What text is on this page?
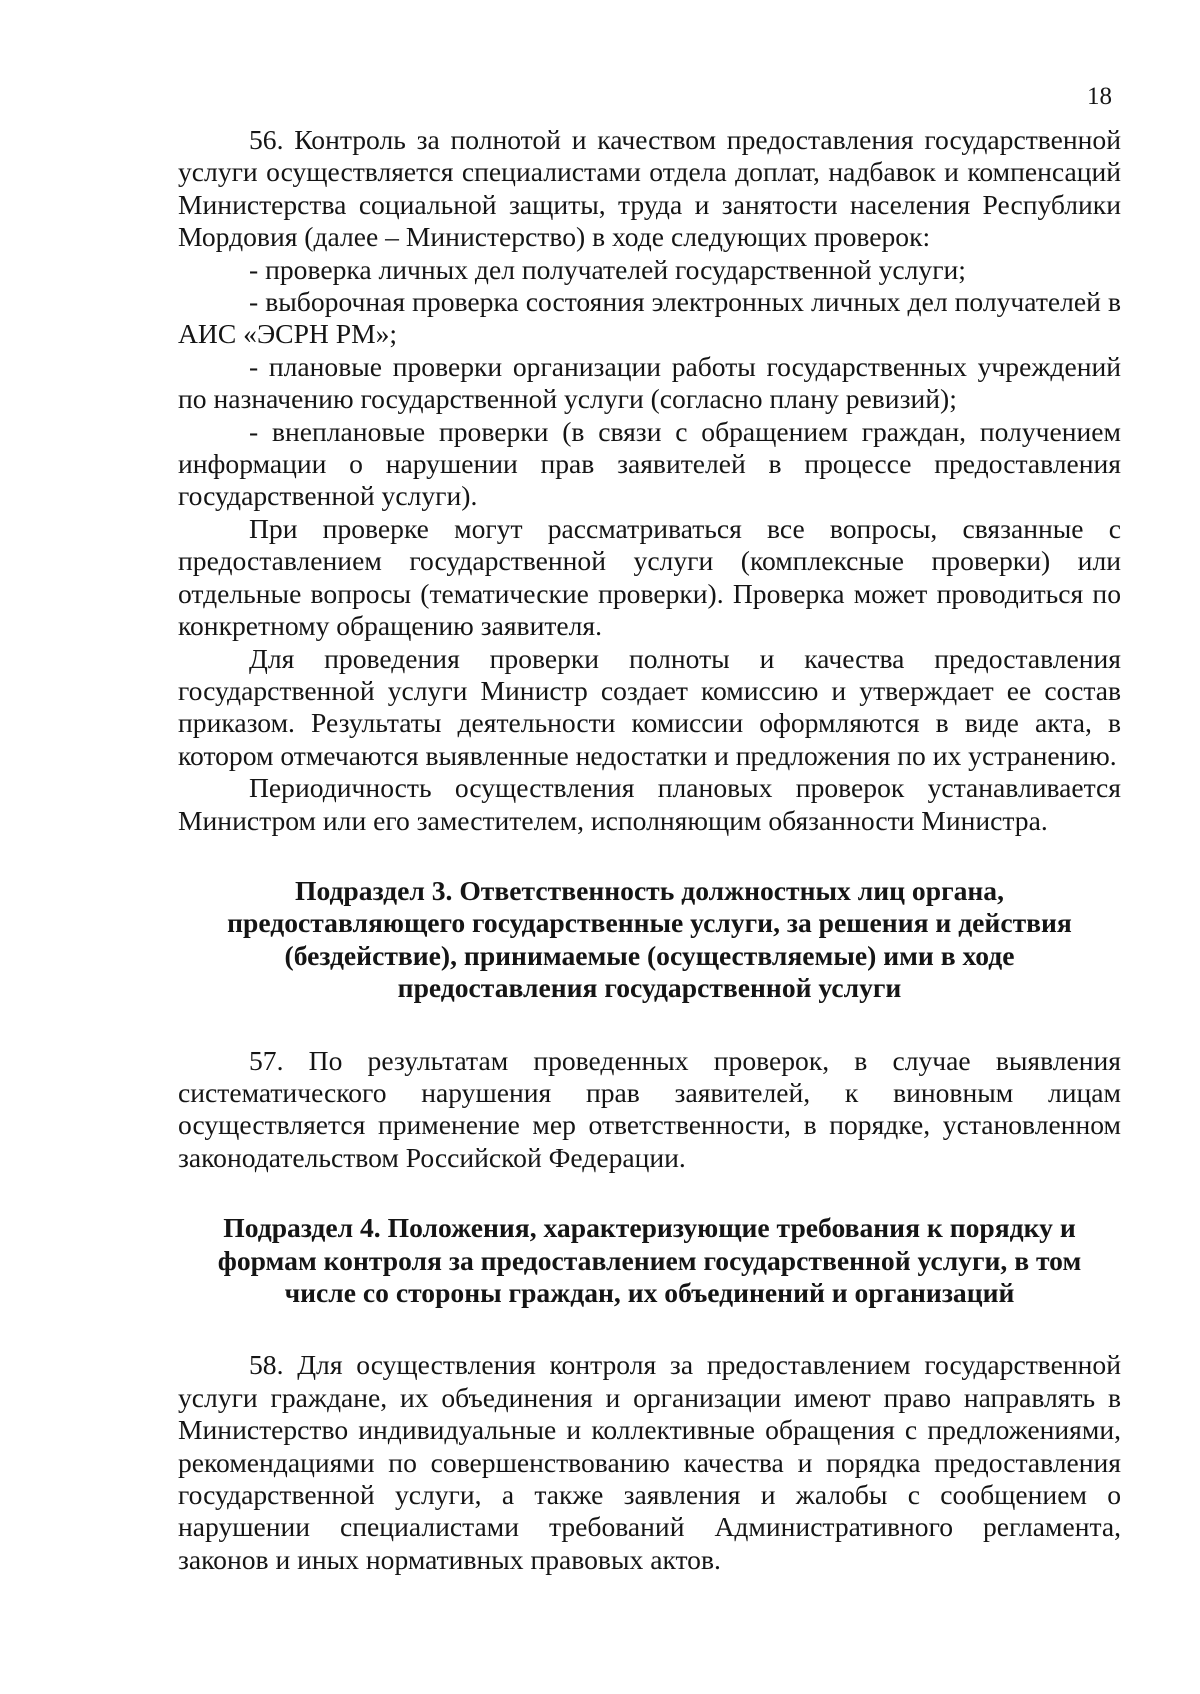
18

56. Контроль за полнотой и качеством предоставления государственной услуги осуществляется специалистами отдела доплат, надбавок и компенсаций Министерства социальной защиты, труда и занятости населения Республики Мордовия (далее – Министерство) в ходе следующих проверок:

- проверка личных дел получателей государственной услуги;

- выборочная проверка состояния электронных личных дел получателей в АИС «ЭСРН РМ»;

- плановые проверки организации работы государственных учреждений по назначению государственной услуги (согласно плану ревизий);

- внеплановые проверки (в связи с обращением граждан, получением информации о нарушении прав заявителей в процессе предоставления государственной услуги).

При проверке могут рассматриваться все вопросы, связанные с предоставлением государственной услуги (комплексные проверки) или отдельные вопросы (тематические проверки). Проверка может проводиться по конкретному обращению заявителя.

Для проведения проверки полноты и качества предоставления государственной услуги Министр создает комиссию и утверждает ее состав приказом. Результаты деятельности комиссии оформляются в виде акта, в котором отмечаются выявленные недостатки и предложения по их устранению.

Периодичность осуществления плановых проверок устанавливается Министром или его заместителем, исполняющим обязанности Министра.

Подраздел 3. Ответственность должностных лиц органа, предоставляющего государственные услуги, за решения и действия (бездействие), принимаемые (осуществляемые) ими в ходе предоставления государственной услуги

57. По результатам проведенных проверок, в случае выявления систематического нарушения прав заявителей, к виновным лицам осуществляется применение мер ответственности, в порядке, установленном законодательством Российской Федерации.

Подраздел 4. Положения, характеризующие требования к порядку и формам контроля за предоставлением государственной услуги, в том числе со стороны граждан, их объединений и организаций

58. Для осуществления контроля за предоставлением государственной услуги граждане, их объединения и организации имеют право направлять в Министерство индивидуальные и коллективные обращения с предложениями, рекомендациями по совершенствованию качества и порядка предоставления государственной услуги, а также заявления и жалобы с сообщением о нарушении специалистами требований Административного регламента, законов и иных нормативных правовых актов.
